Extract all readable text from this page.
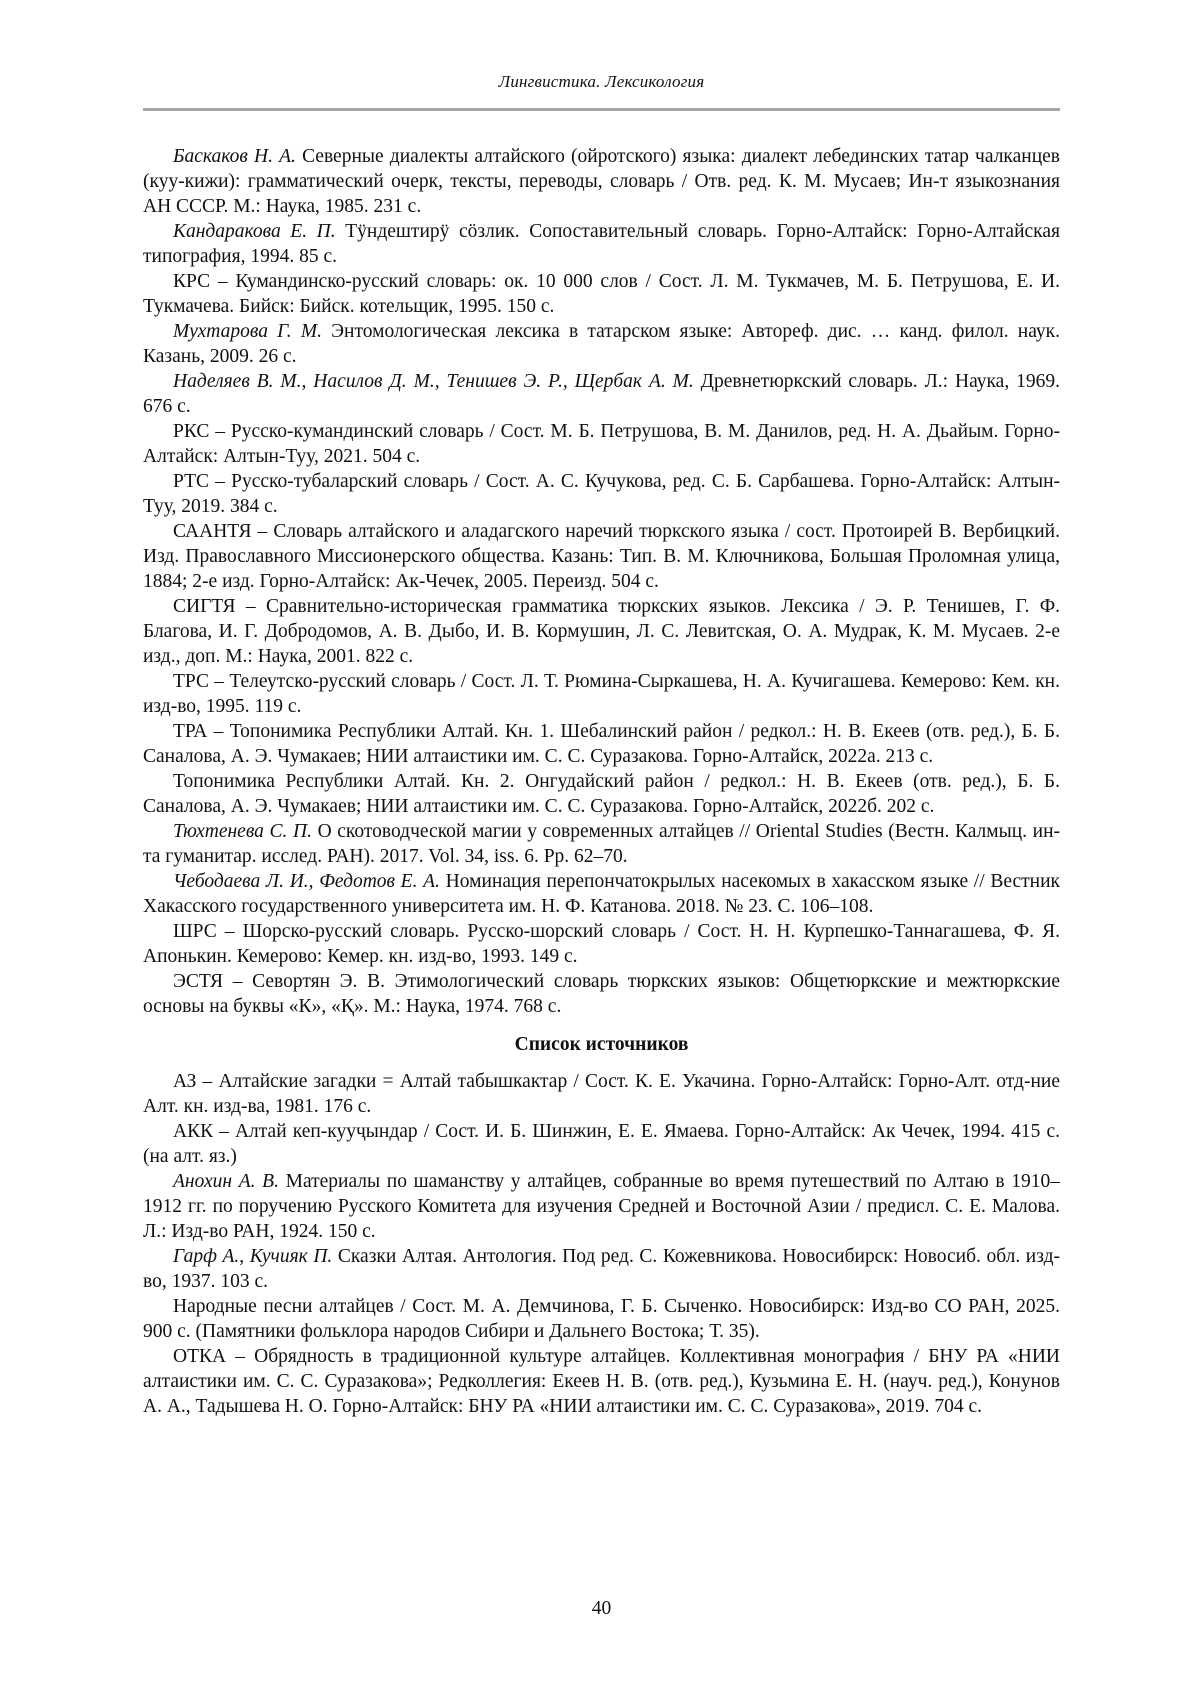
Лингвистика. Лексикология

Баскаков Н. А. Северные диалекты алтайского (ойротского) языка: диалект лебединских татар чалканцев (куу-кижи): грамматический очерк, тексты, переводы, словарь / Отв. ред. К. М. Мусаев; Ин-т языкознания АН СССР. М.: Наука, 1985. 231 с.

Кандаракова Е. П. Тӱндештирӱ сӧзлик. Сопоставительный словарь. Горно-Алтайск: Горно-Алтайская типография, 1994. 85 с.

КРС – Кумандинско-русский словарь: ок. 10 000 слов / Сост. Л. М. Тукмачев, М. Б. Петрушова, Е. И. Тукмачева. Бийск: Бийск. котельщик, 1995. 150 с.

Мухтарова Г. М. Энтомологическая лексика в татарском языке: Автореф. дис. … канд. филол. наук. Казань, 2009. 26 с.

Наделяев В. М., Насилов Д. М., Тенишев Э. Р., Щербак А. М. Древнетюркский словарь. Л.: Наука, 1969. 676 с.

РКС – Русско-кумандинский словарь / Сост. М. Б. Петрушова, В. М. Данилов, ред. Н. А. Дьайым. Горно-Алтайск: Алтын-Туу, 2021. 504 с.

РТС – Русско-тубаларский словарь / Сост. А. С. Кучукова, ред. С. Б. Сарбашева. Горно-Алтайск: Алтын-Туу, 2019. 384 с.

СААНТЯ – Словарь алтайского и аладагского наречий тюркского языка / сост. Протоирей В. Вербицкий. Изд. Православного Миссионерского общества. Казань: Тип. В. М. Ключникова, Большая Проломная улица, 1884; 2-е изд. Горно-Алтайск: Ак-Чечек, 2005. Переизд. 504 с.

СИГТЯ – Сравнительно-историческая грамматика тюркских языков. Лексика / Э. Р. Тенишев, Г. Ф. Благова, И. Г. Добродомов, А. В. Дыбо, И. В. Кормушин, Л. С. Левитская, О. А. Мудрак, К. М. Мусаев. 2-е изд., доп. М.: Наука, 2001. 822 с.

ТРС – Телеутско-русский словарь / Сост. Л. Т. Рюмина-Сыркашева, Н. А. Кучигашева. Кемерово: Кем. кн. изд-во, 1995. 119 с.

ТРА – Топонимика Республики Алтай. Кн. 1. Шебалинский район / редкол.: Н. В. Екеев (отв. ред.), Б. Б. Саналова, А. Э. Чумакаев; НИИ алтаистики им. С. С. Суразакова. Горно-Алтайск, 2022а. 213 с.

Топонимика Республики Алтай. Кн. 2. Онгудайский район / редкол.: Н. В. Екеев (отв. ред.), Б. Б. Саналова, А. Э. Чумакаев; НИИ алтаистики им. С. С. Суразакова. Горно-Алтайск, 2022б. 202 с.

Тюхтенева С. П. О скотоводческой магии у современных алтайцев // Oriental Studies (Вестн. Калмыц. ин-та гуманитар. исслед. РАН). 2017. Vol. 34, iss. 6. Pp. 62–70.

Чебодаева Л. И., Федотов Е. А. Номинация перепончатокрылых насекомых в хакасском языке // Вестник Хакасского государственного университета им. Н. Ф. Катанова. 2018. № 23. С. 106–108.

ШРС – Шорско-русский словарь. Русско-шорский словарь / Сост. Н. Н. Курпешко-Таннагашева, Ф. Я. Апонькин. Кемерово: Кемер. кн. изд-во, 1993. 149 с.

ЭСТЯ – Севортян Э. В. Этимологический словарь тюркских языков: Общетюркские и межтюркские основы на буквы «К», «Қ». М.: Наука, 1974. 768 с.

Список источников

АЗ – Алтайские загадки = Алтай табышкактар / Сост. К. Е. Укачина. Горно-Алтайск: Горно-Алт. отд-ние Алт. кн. изд-ва, 1981. 176 с.

АКК – Алтай кеп-кууҷындар / Сост. И. Б. Шинжин, Е. Е. Ямаева. Горно-Алтайск: Ак Чечек, 1994. 415 с. (на алт. яз.)

Анохин А. В. Материалы по шаманству у алтайцев, собранные во время путешествий по Алтаю в 1910–1912 гг. по поручению Русского Комитета для изучения Средней и Восточной Азии / предисл. С. Е. Малова. Л.: Изд-во РАН, 1924. 150 с.

Гарф А., Кучияк П. Сказки Алтая. Антология. Под ред. С. Кожевникова. Новосибирск: Новосиб. обл. изд-во, 1937. 103 с.

Народные песни алтайцев / Сост. М. А. Демчинова, Г. Б. Сыченко. Новосибирск: Изд-во СО РАН, 2025. 900 с. (Памятники фольклора народов Сибири и Дальнего Востока; Т. 35).

ОТКА – Обрядность в традиционной культуре алтайцев. Коллективная монография / БНУ РА «НИИ алтаистики им. С. С. Суразакова»; Редколлегия: Екеев Н. В. (отв. ред.), Кузьмина Е. Н. (науч. ред.), Конунов А. А., Тадышева Н. О. Горно-Алтайск: БНУ РА «НИИ алтаистики им. С. С. Суразакова», 2019. 704 с.

40
